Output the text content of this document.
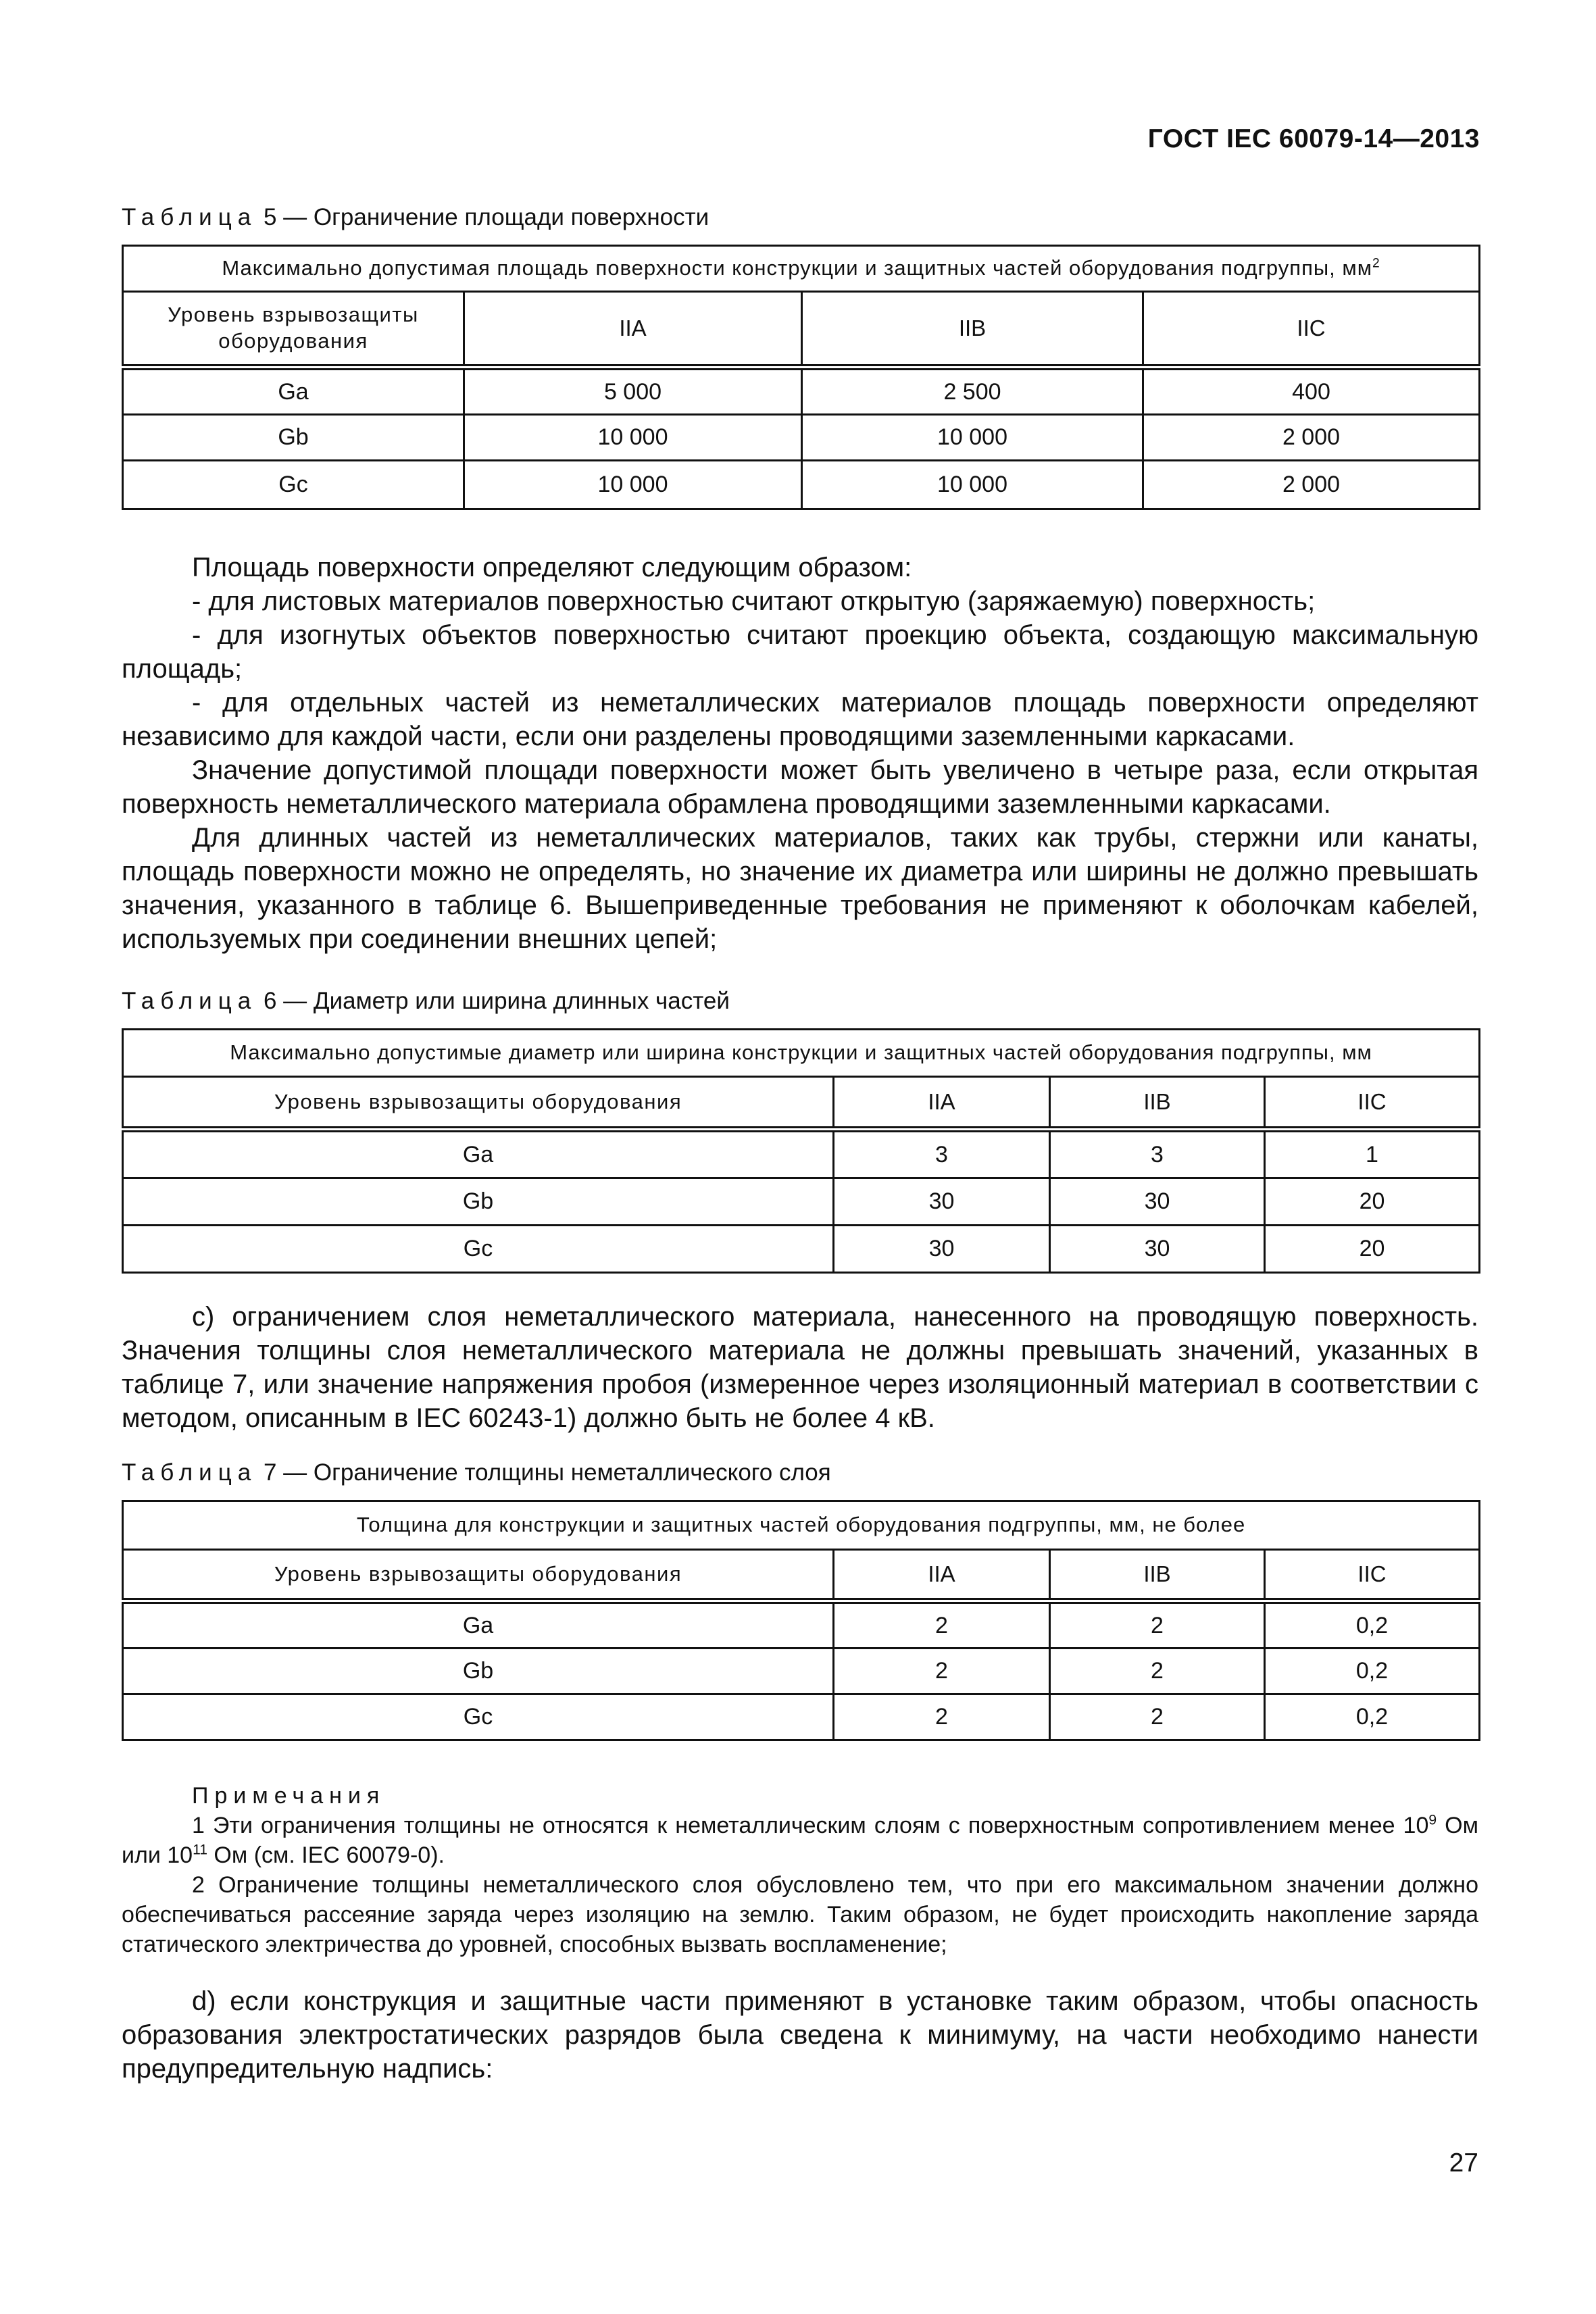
ГОСТ IEC 60079-14—2013
Таблица 5 — Ограничение площади поверхности
Максимально допустимая площадь поверхности конструкции и защитных частей оборудования подгруппы, $мм^2$
Уровень взрывозащиты оборудования	IIA	IIB	IIC
Ga	5 000	2 500	400
Gb	10 000	10 000	2 000
Gc	10 000	10 000	2 000

Площадь поверхности определяют следующим образом:

- для листовых материалов поверхностью считают открытую (заряжаемую) поверхность;

- для изогнутых объектов поверхностью считают проекцию объекта, создающую максимальную площадь;

- для отдельных частей из неметаллических материалов площадь поверхности определяют независимо для каждой части, если они разделены проводящими заземленными каркасами.

Значение допустимой площади поверхности может быть увеличено в четыре раза, если открытая поверхность неметаллического материала обрамлена проводящими заземленными каркасами.

Для длинных частей из неметаллических материалов, таких как трубы, стержни или канаты, площадь поверхности можно не определять, но значение их диаметра или ширины не должно превышать значения, указанного в таблице 6. Вышеприведенные требования не применяют к оболочкам кабелей, используемых при соединении внешних цепей;

Таблица 6 — Диаметр или ширина длинных частей
Максимально допустимые диаметр или ширина конструкции и защитных частей оборудования подгруппы, мм			
Уровень взрывозащиты оборудования	IIA	IIB	IIC
Ga	3	3	1
Gb	30	30	20
Gc	30	30	20

c) ограничением слоя неметаллического материала, нанесенного на проводящую поверхность. Значения толщины слоя неметаллического материала не должны превышать значений, указанных в таблице 7, или значение напряжения пробоя (измеренное через изоляционный материал в соответствии с методом, описанным в IEC 60243-1) должно быть не более 4 кВ.

Таблица 7 — Ограничение толщины неметаллического слоя
Толщина для конструкции и защитных частей оборудования подгруппы, мм, не более			
Уровень взрывозащиты оборудования	IIA	IIB	IIC
Ga	2	2	0,2
Gb	2	2	0,2
Gc	2	2	0,2

Примечания

1 Эти ограничения толщины не относятся к неметаллическим слоям с поверхностным сопротивлением менее $10^9$ Ом или $10^{11}$ Ом (см. IEC 60079-0).

2 Ограничение толщины неметаллического слоя обусловлено тем, что при его максимальном значении должно обеспечиваться рассеяние заряда через изоляцию на землю. Таким образом, не будет происходить накопление заряда статического электричества до уровней, способных вызвать воспламенение;

d) если конструкция и защитные части применяют в установке таким образом, чтобы опасность образования электростатических разрядов была сведена к минимуму, на части необходимо нанести предупредительную надпись:

27
